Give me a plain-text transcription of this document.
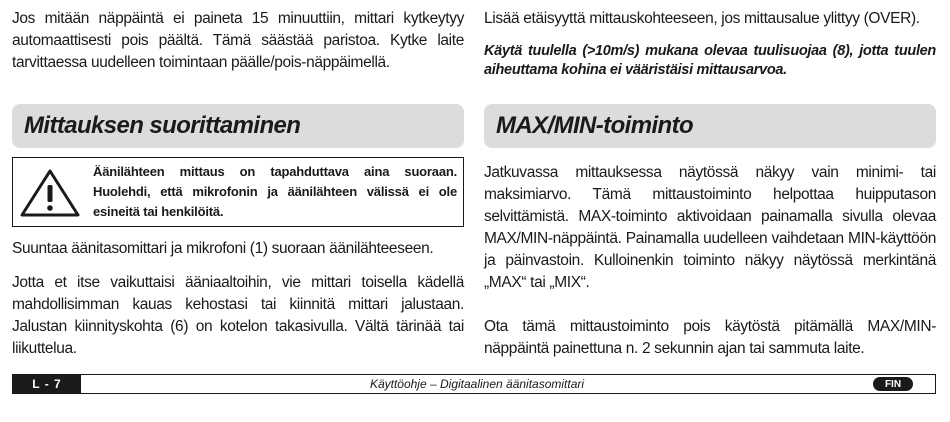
Jos mitään näppäintä ei paineta 15 minuuttiin, mittari kytkeytyy automaattisesti pois päältä. Tämä säästää paristoa. Kytke laite tarvittaessa uudelleen toimintaan päälle/pois-näppäimellä.

Mittauksen suorittaminen
Äänilähteen mittaus on tapahduttava aina suoraan. Huolehdi, että mikrofonin ja äänilähteen välissä ei ole esineitä tai henkilöitä.

Suuntaa äänitasomittari ja mikrofoni (1) suoraan äänilähteeseen.

Jotta et itse vaikuttaisi ääniaaltoihin, vie mittari toisella kädellä mahdollisimman kauas kehostasi tai kiinnitä mittari jalustaan. Jalustan kiinnityskohta (6) on kotelon takasivulla. Vältä tärinää tai liikuttelua.

Lisää etäisyyttä mittauskohteeseen, jos mittausalue ylittyy (OVER).

Käytä tuulella (>10m/s) mukana olevaa tuulisuojaa (8), jotta tuulen aiheuttama kohina ei vääristäisi mittausarvoa.

MAX/MIN-toiminto

Jatkuvassa mittauksessa näytössä näkyy vain minimi- tai maksimiarvo. Tämä mittaustoiminto helpottaa huipputason selvittämistä. MAX-toiminto aktivoidaan painamalla sivulla olevaa MAX/MIN-näppäintä. Painamalla uudelleen vaihdetaan MIN-käyttöön ja päinvastoin. Kulloinenkin toiminto näkyy näytössä merkintänä „MAX“ tai „MIX“.

Ota tämä mittaustoiminto pois käytöstä pitämällä MAX/MIN-näppäintä painettuna n. 2 sekunnin ajan tai sammuta laite.

L - 7	Käyttöohje – Digitaalinen äänitasomittari	FIN
